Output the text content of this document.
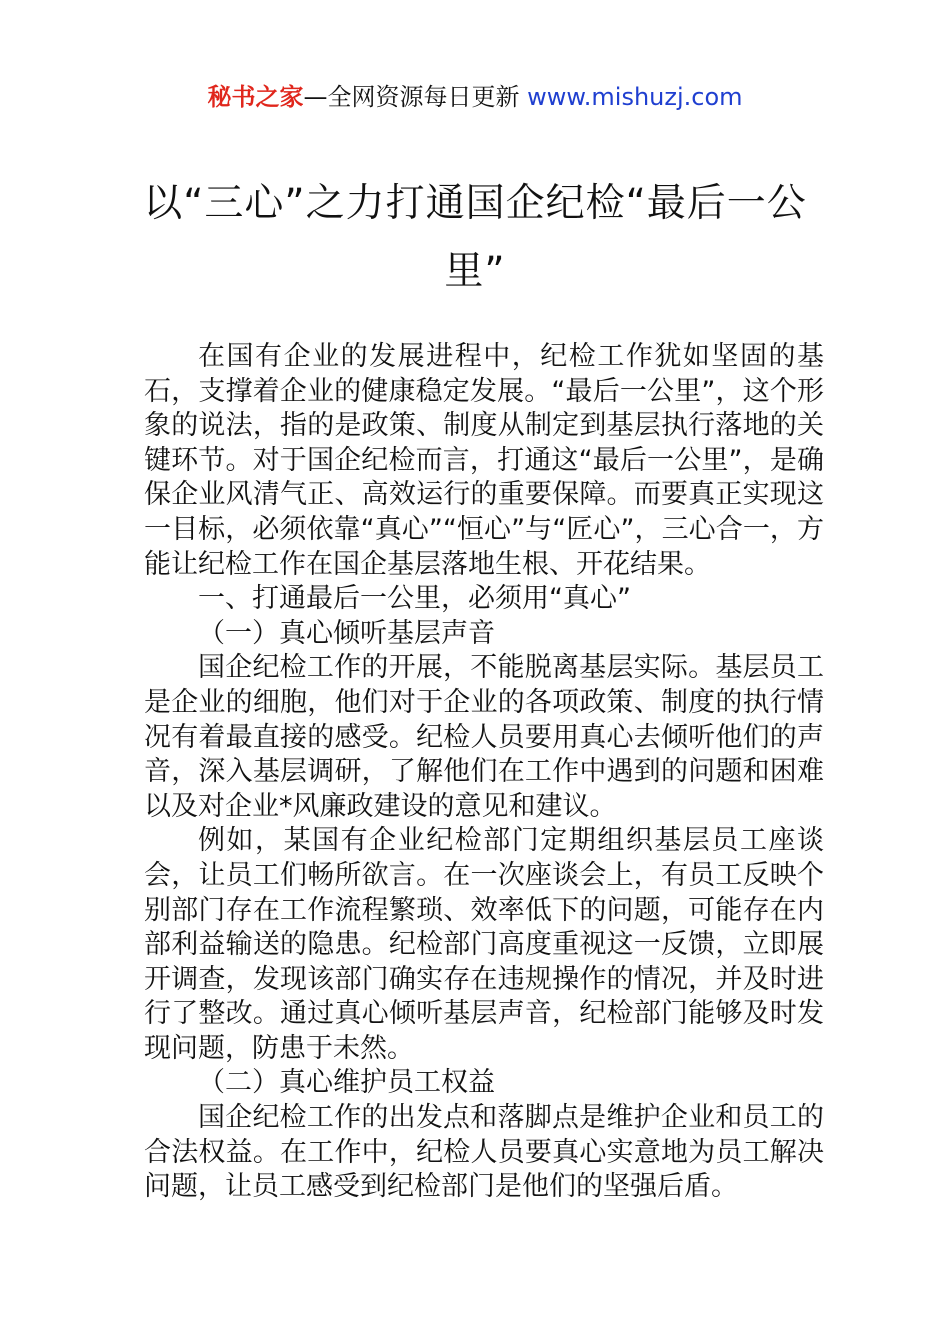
秘书之家—全网资源每日更新 www.mishuzj.com
以“三心”之力打通国企纪检“最后一公里”

在国有企业的发展进程中，纪检工作犹如坚固的基石，支撑着企业的健康稳定发展。“最后一公里”，这个形象的说法，指的是政策、制度从制定到基层执行落地的关键环节。对于国企纪检而言，打通这“最后一公里”，是确保企业风清气正、高效运行的重要保障。而要真正实现这一目标，必须依靠“真心”“恒心”与“匠心”，三心合一，方能让纪检工作在国企基层落地生根、开花结果。

一、打通最后一公里，必须用“真心”

（一）真心倾听基层声音

国企纪检工作的开展，不能脱离基层实际。基层员工是企业的细胞，他们对于企业的各项政策、制度的执行情况有着最直接的感受。纪检人员要用真心去倾听他们的声音，深入基层调研，了解他们在工作中遇到的问题和困难以及对企业*风廉政建设的意见和建议。

例如，某国有企业纪检部门定期组织基层员工座谈会，让员工们畅所欲言。在一次座谈会上，有员工反映个别部门存在工作流程繁琐、效率低下的问题，可能存在内部利益输送的隐患。纪检部门高度重视这一反馈，立即展开调查，发现该部门确实存在违规操作的情况，并及时进行了整改。通过真心倾听基层声音，纪检部门能够及时发现问题，防患于未然。

（二）真心维护员工权益

国企纪检工作的出发点和落脚点是维护企业和员工的合法权益。在工作中，纪检人员要真心实意地为员工解决问题，让员工感受到纪检部门是他们的坚强后盾。
